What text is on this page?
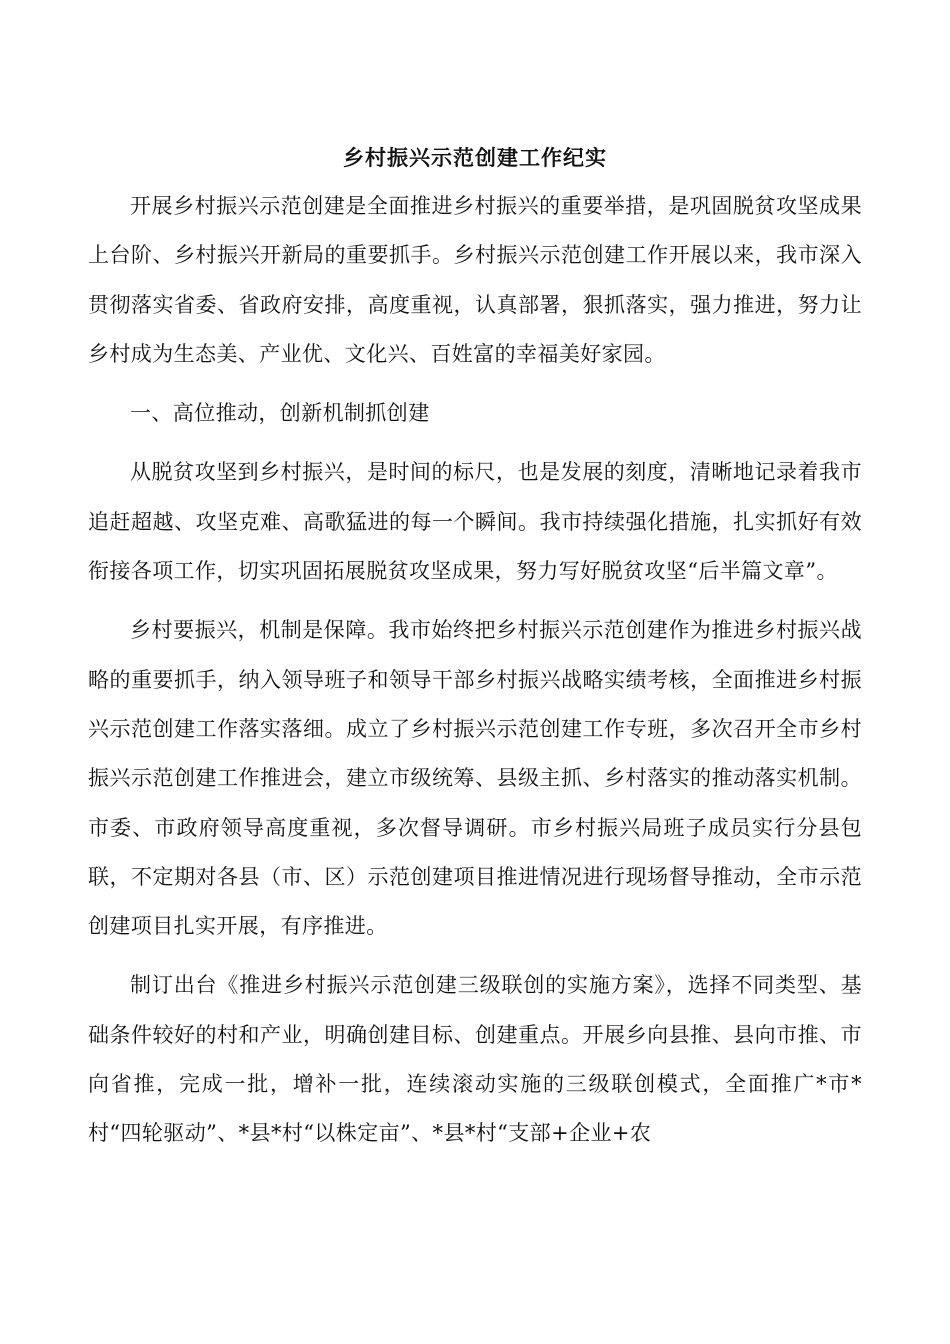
乡村振兴示范创建工作纪实

开展乡村振兴示范创建是全面推进乡村振兴的重要举措，是巩固脱贫攻坚成果上台阶、乡村振兴开新局的重要抓手。乡村振兴示范创建工作开展以来，我市深入贯彻落实省委、省政府安排，高度重视，认真部署，狠抓落实，强力推进，努力让乡村成为生态美、产业优、文化兴、百姓富的幸福美好家园。

一、高位推动，创新机制抓创建

从脱贫攻坚到乡村振兴，是时间的标尺，也是发展的刻度，清晰地记录着我市追赶超越、攻坚克难、高歌猛进的每一个瞬间。我市持续强化措施，扎实抓好有效衔接各项工作，切实巩固拓展脱贫攻坚成果，努力写好脱贫攻坚“后半篇文章”。

乡村要振兴，机制是保障。我市始终把乡村振兴示范创建作为推进乡村振兴战略的重要抓手，纳入领导班子和领导干部乡村振兴战略实绩考核，全面推进乡村振兴示范创建工作落实落细。成立了乡村振兴示范创建工作专班，多次召开全市乡村振兴示范创建工作推进会，建立市级统筹、县级主抓、乡村落实的推动落实机制。市委、市政府领导高度重视，多次督导调研。市乡村振兴局班子成员实行分县包联，不定期对各县（市、区）示范创建项目推进情况进行现场督导推动，全市示范创建项目扎实开展，有序推进。

制订出台《推进乡村振兴示范创建三级联创的实施方案》，选择不同类型、基础条件较好的村和产业，明确创建目标、创建重点。开展乡向县推、县向市推、市向省推，完成一批，增补一批，连续滚动实施的三级联创模式，全面推广*市*村“四轮驱动”、*县*村“以株定亩”、*县*村“支部+企业+农
